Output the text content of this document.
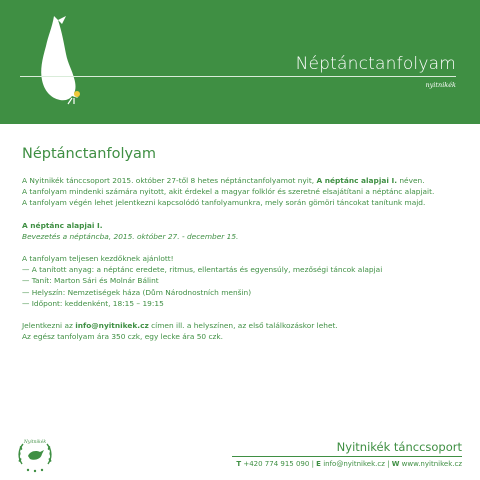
Néptánctanfolyam
nyitnikék
Néptánctanfolyam

A Nyitnikék tánccsoport 2015. október 27-től 8 hetes néptánctanfolyamot nyit, A néptánc alapjai I. néven.

A tanfolyam mindenki számára nyitott, akit érdekel a magyar folklór és szeretné elsajátítani a néptánc alapjait.

A tanfolyam végén lehet jelentkezni kapcsolódó tanfolyamunkra, mely során gömöri táncokat tanítunk majd.

A néptánc alapjai I.

Bevezetés a néptáncba, 2015. október 27. - december 15.

A tanfolyam teljesen kezdőknek ajánlott!

— A tanított anyag: a néptánc eredete, ritmus, ellentartás és egyensúly, mezőségi táncok alapjai

— Tanít: Marton Sári és Molnár Bálint

— Helyszín: Nemzetiségek háza (Dům Národnostních menšin)

— Időpont: keddenként, 18:15 – 19:15

Jelentkezni az info@nyitnikek.cz címen ill. a helyszínen, az első találkozáskor lehet.

Az egész tanfolyam ára 350 czk, egy lecke ára 50 czk.

Nyitnikék	Nyitnikék tánccsoport
T +420 774 915 090 | E info@nyitnikek.cz | W www.nyitnikek.cz
